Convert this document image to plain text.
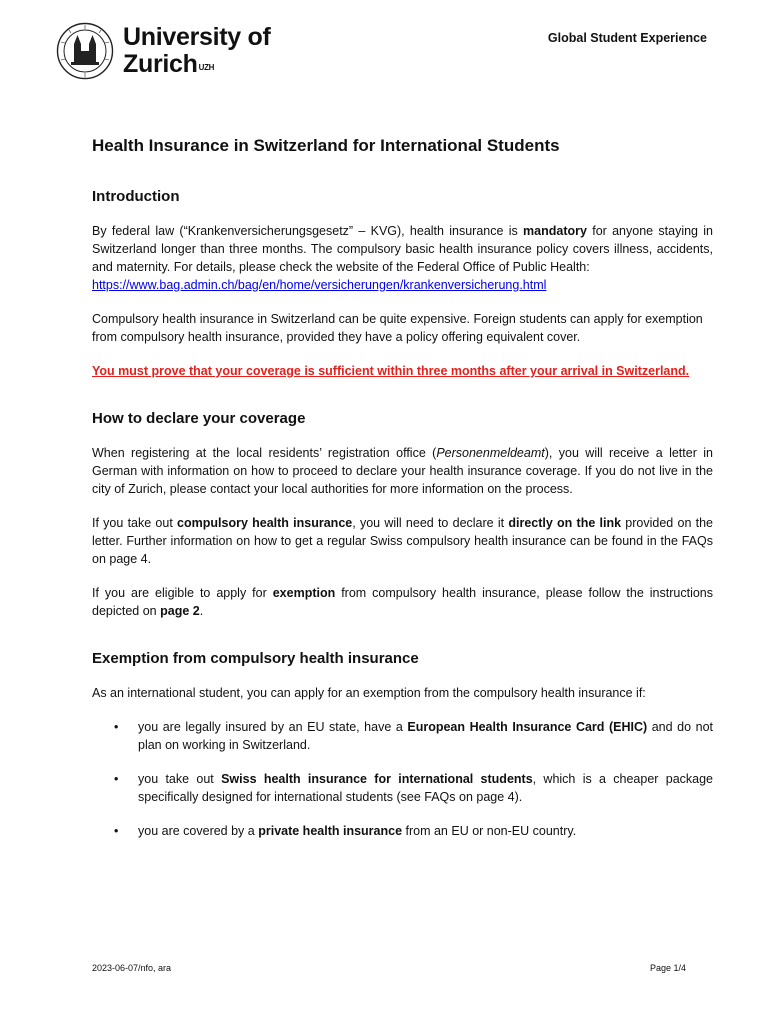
University of
Zurich$^{UZH}$
Global Student Experience
Health Insurance in Switzerland for International Students
Introduction

By federal law (“Krankenversicherungsgesetz” – KVG), health insurance is mandatory for anyone staying in Switzerland longer than three months. The compulsory basic health insurance policy covers illness, accidents, and maternity. For details, please check the website of the Federal Office of Public Health:
https://www.bag.admin.ch/bag/en/home/versicherungen/krankenversicherung.html

Compulsory health insurance in Switzerland can be quite expensive. Foreign students can apply for exemption from compulsory health insurance, provided they have a policy offering equivalent cover.

You must prove that your coverage is sufficient within three months after your arrival in Switzerland.

How to declare your coverage

When registering at the local residents’ registration office (Personenmeldeamt), you will receive a letter in German with information on how to proceed to declare your health insurance coverage. If you do not live in the city of Zurich, please contact your local authorities for more information on the process.

If you take out compulsory health insurance, you will need to declare it directly on the link provided on the letter. Further information on how to get a regular Swiss compulsory health insurance can be found in the FAQs on page 4.

If you are eligible to apply for exemption from compulsory health insurance, please follow the instructions depicted on page 2.

Exemption from compulsory health insurance

As an international student, you can apply for an exemption from the compulsory health insurance if:

• you are legally insured by an EU state, have a European Health Insurance Card (EHIC) and do not plan on working in Switzerland.
• you take out Swiss health insurance for international students, which is a cheaper package specifically designed for international students (see FAQs on page 4).
• you are covered by a private health insurance from an EU or non-EU country.
2023-06-07/nfo, ara	Page 1/4
